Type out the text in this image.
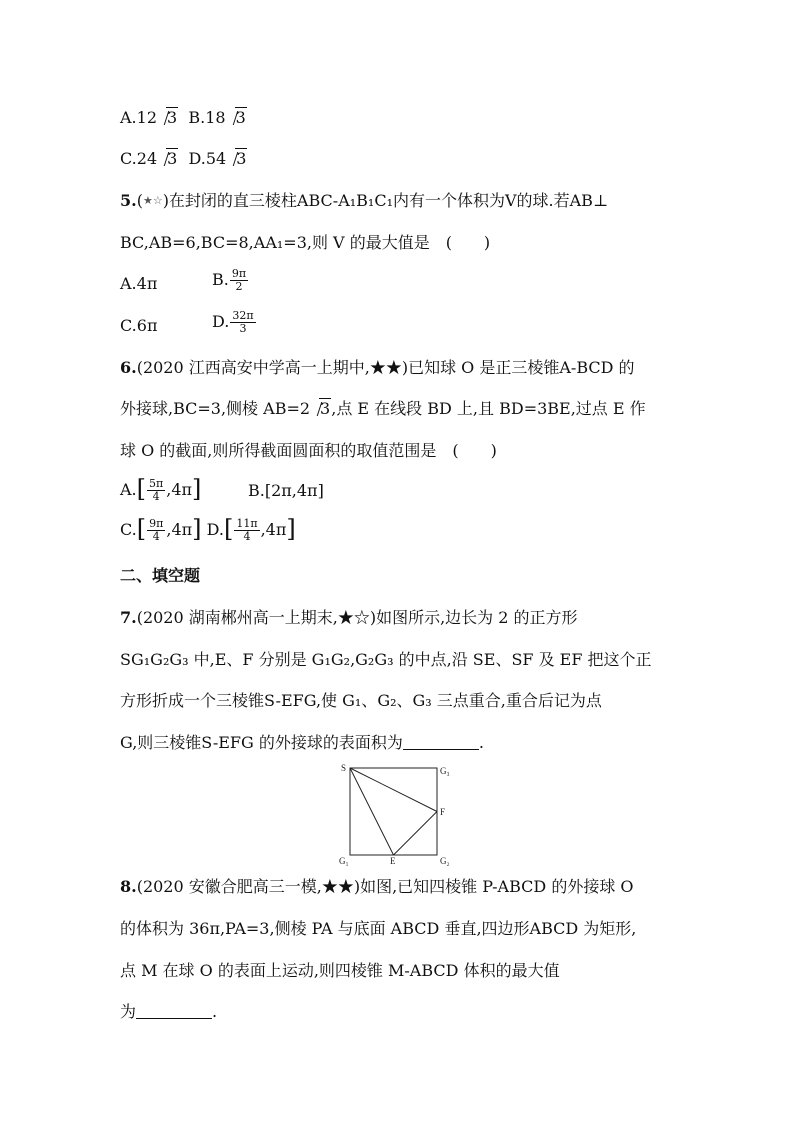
A.12 3 B.18 3
C.24 3 D.54 3
5.(★☆)在封闭的直三棱柱ABC-A₁B₁C₁内有一个体积为V的球.若AB⊥
BC,AB=6,BC=8,AA₁=3,则 V 的最大值是　(　　)
A.4π	B. $\frac{9\pi}{2}$
C.6π	D. $\frac{32\pi}{3}$
6.(2020 江西高安中学高一上期中,★★)已知球 O 是正三棱锥A-BCD 的
外接球,BC=3,侧棱 AB=2 3,点 E 在线段 BD 上,且 BD=3BE,过点 E 作
球 O 的截面,则所得截面圆面积的取值范围是　(　　)
$A.[ \frac{5\pi}{4} ,4\pi]$	B.[2π,4π]
$C.[ \frac{9\pi}{4} ,4\pi]$ $D.[ \frac{11\pi}{4} ,4\pi]$
二、填空题
7.(2020 湖南郴州高一上期末,★☆)如图所示,边长为 2 的正方形
SG₁G₂G₃ 中,E、F 分别是 G₁G₂,G₂G₃ 的中点,沿 SE、SF 及 EF 把这个正
方形折成一个三棱锥S-EFG,使 G₁、G₂、G₃ 三点重合,重合后记为点
G,则三棱锥S-EFG 的外接球的表面积为	.
S	G₃
F
G₁	E	G₂
8.(2020 安徽合肥高三一模,★★)如图,已知四棱锥 P-ABCD 的外接球 O
的体积为 36π,PA=3,侧棱 PA 与底面 ABCD 垂直,四边形ABCD 为矩形,
点 M 在球 O 的表面上运动,则四棱锥 M-ABCD 体积的最大值
为	.
